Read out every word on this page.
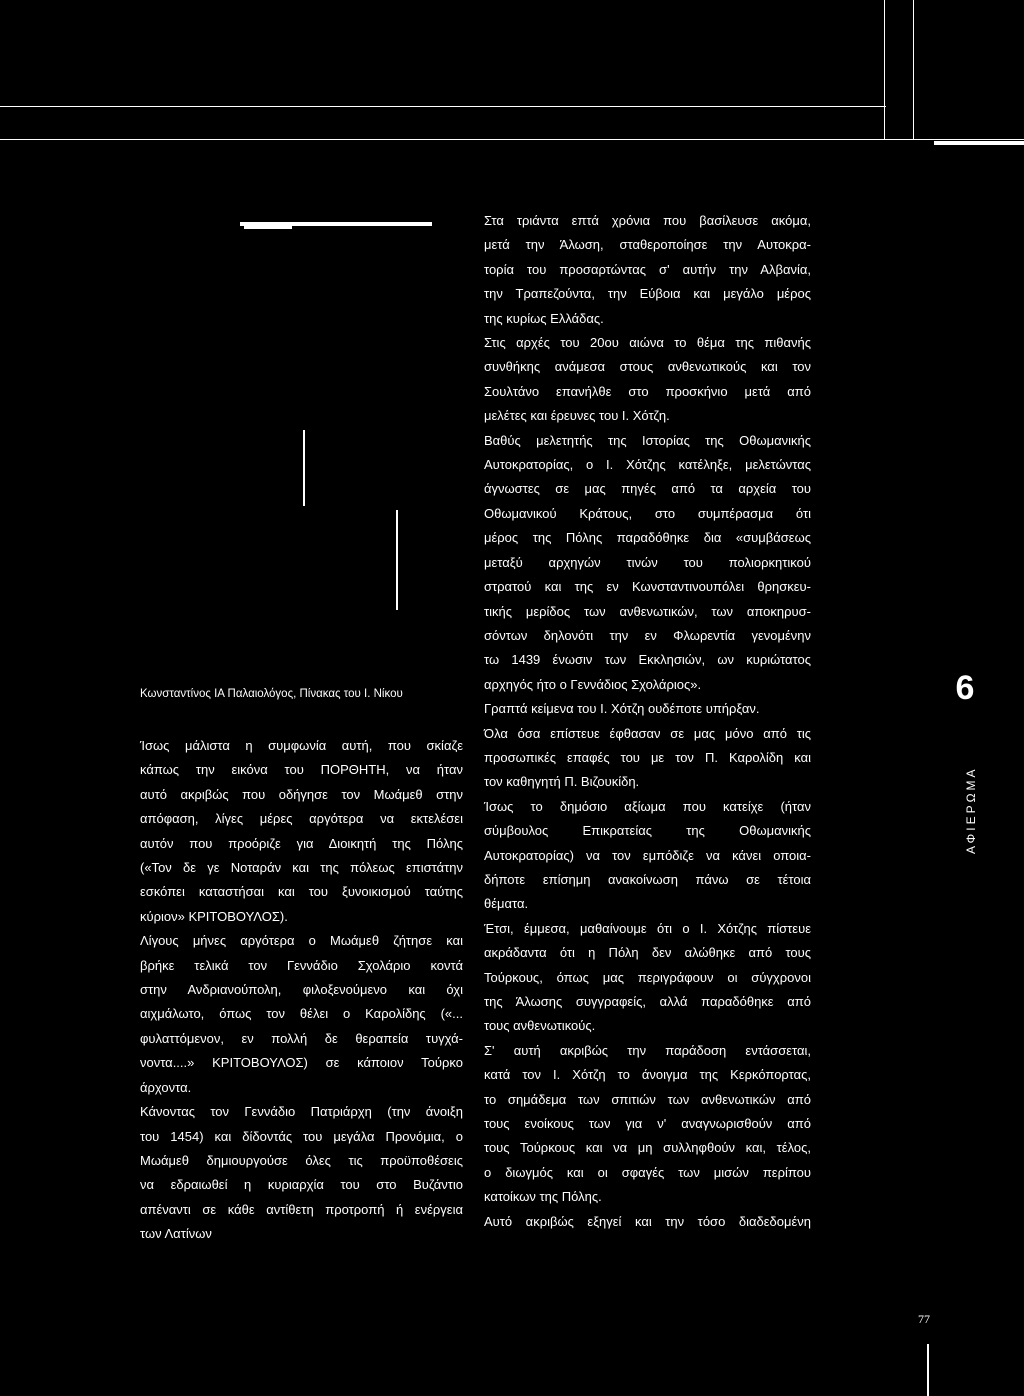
Κωνσταντίνος ΙΑ Παλαιολόγος, Πίνακας του Ι. Νίκου

Ίσως μάλιστα η συμφωνία αυτή, που σκίαζε

κάπως την εικόνα του ΠΟΡΘΗΤΗ, να ήταν

αυτό ακριβώς που οδήγησε τον Μωάμεθ στην

απόφαση, λίγες μέρες αργότερα να εκτελέσει

αυτόν που προόριζε για Διοικητή της Πόλης

(«Τον δε γε Νοταράν και της πόλεως επιστάτην

εσκόπει καταστήσαι και του ξυνοικισμού ταύτης

κύριον» ΚΡΙΤΟΒΟΥΛΟΣ).

Λίγους μήνες αργότερα ο Μωάμεθ ζήτησε και

βρήκε τελικά τον Γεννάδιο Σχολάριο κοντά

στην Ανδριανούπολη, φιλοξενούμενο και όχι

αιχμάλωτο, όπως τον θέλει ο Καρολίδης («...

φυλαττόμενον, εν πολλή δε θεραπεία τυγχά-

νοντα....» ΚΡΙΤΟΒΟΥΛΟΣ) σε κάποιον Τούρκο

άρχοντα.

Κάνοντας τον Γεννάδιο Πατριάρχη (την άνοιξη

του 1454) και δίδοντάς του μεγάλα Προνόμια, ο

Μωάμεθ δημιουργούσε όλες τις προϋποθέσεις

να εδραιωθεί η κυριαρχία του στο Βυζάντιο

απέναντι σε κάθε αντίθετη προτροπή ή ενέργεια

των Λατίνων

Στα τριάντα επτά χρόνια που βασίλευσε ακόμα,

μετά την Άλωση, σταθεροποίησε την Αυτοκρα-

τορία του προσαρτώντας σ' αυτήν την Αλβανία,

την Τραπεζούντα, την Εύβοια και μεγάλο μέρος

της κυρίως Ελλάδας.

Στις αρχές του 20ου αιώνα το θέμα της πιθανής

συνθήκης ανάμεσα στους ανθενωτικούς και τον

Σουλτάνο επανήλθε στο προσκήνιο μετά από

μελέτες και έρευνες του Ι. Χότζη.

Βαθύς μελετητής της Ιστορίας της Οθωμανικής

Αυτοκρατορίας, ο Ι. Χότζης κατέληξε, μελετώντας

άγνωστες σε μας πηγές από τα αρχεία του

Οθωμανικού Κράτους, στο συμπέρασμα ότι

μέρος της Πόλης παραδόθηκε δια «συμβάσεως

μεταξύ αρχηγών τινών του πολιορκητικού

στρατού και της εν Κωνσταντινουπόλει θρησκευ-

τικής μερίδος των ανθενωτικών, των αποκηρυσ-

σόντων δηλονότι την εν Φλωρεντία γενομένην

τω 1439 ένωσιν των Εκκλησιών, ων κυριώτατος

αρχηγός ήτο ο Γεννάδιος Σχολάριος».

Γραπτά κείμενα του Ι. Χότζη ουδέποτε υπήρξαν.

Όλα όσα επίστευε έφθασαν σε μας μόνο από τις

προσωπικές επαφές του με τον Π. Καρολίδη και

τον καθηγητή Π. Βιζουκίδη.

Ίσως το δημόσιο αξίωμα που κατείχε (ήταν

σύμβουλος Επικρατείας της Οθωμανικής

Αυτοκρατορίας) να τον εμπόδιζε να κάνει οποια-

δήποτε επίσημη ανακοίνωση πάνω σε τέτοια

θέματα.

Έτσι, έμμεσα, μαθαίνουμε ότι ο Ι. Χότζης πίστευε

ακράδαντα ότι η Πόλη δεν αλώθηκε από τους

Τούρκους, όπως μας περιγράφουν οι σύγχρονοι

της Άλωσης συγγραφείς, αλλά παραδόθηκε από

τους ανθενωτικούς.

Σ' αυτή ακριβώς την παράδοση εντάσσεται,

κατά τον Ι. Χότζη το άνοιγμα της Κερκόπορτας,

το σημάδεμα των σπιτιών των ανθενωτικών από

τους ενοίκους των για ν' αναγνωρισθούν από

τους Τούρκους και να μη συλληφθούν και, τέλος,

ο διωγμός και οι σφαγές των μισών περίπου

κατοίκων της Πόλης.

Αυτό ακριβώς εξηγεί και την τόσο διαδεδομένη

6
ΑΦΙΕΡΩΜΑ
77
